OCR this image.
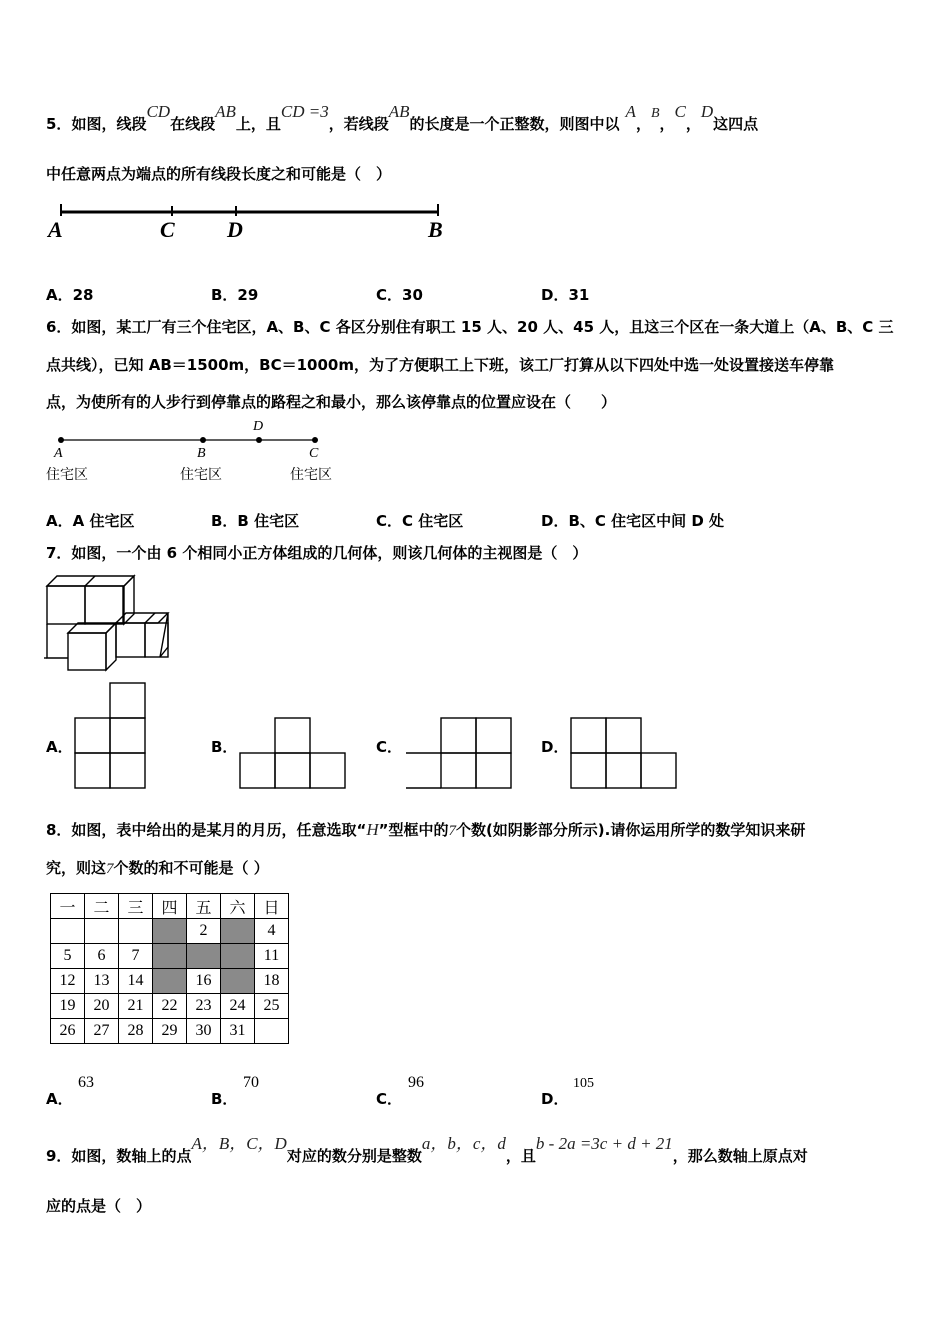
5．如图，线段CD在线段AB上，且CD =3，若线段AB的长度是一个正整数，则图中以A，B，C，D这四点
中任意两点为端点的所有线段长度之和可能是（　）
A	C D	B
A．28	B．29	C．30	D．31
6．如图，某工厂有三个住宅区，A、B、C 各区分别住有职工 15 人、20 人、45 人，且这三个区在一条大道上（A、B、C 三
点共线），已知 AB＝1500m，BC＝1000m，为了方便职工上下班，该工厂打算从以下四处中选一处设置接送车停靠
点，为使所有的人步行到停靠点的路程之和最小，那么该停靠点的位置应设在（　　）
A	B
D
C
住宅区	住宅区	住宅区
A．A 住宅区	B．B 住宅区	C．C 住宅区	D．B、C 住宅区中间 D 处
7．如图，一个由 6 个相同小正方体组成的几何体，则该几何体的主视图是（　）
A．	B．	C．	D．
8．如图，表中给出的是某月的月历，任意选取“H”型框中的7个数(如阴影部分所示).请你运用所学的数学知识来研
究，则这7个数的和不可能是（ ）
一	二	三	四	五	六	日
				2		4
5	6	7				11
12	13	14		16		18
19	20	21	22	23	24	25
26	27	28	29	30	31	
A．
63
B．
70
C．
96
D．
105
9．如图，数轴上的点A，B，C，D对应的数分别是整数a，b，c，d，且b - 2a =3c + d + 21，那么数轴上原点对
应的点是（　）
